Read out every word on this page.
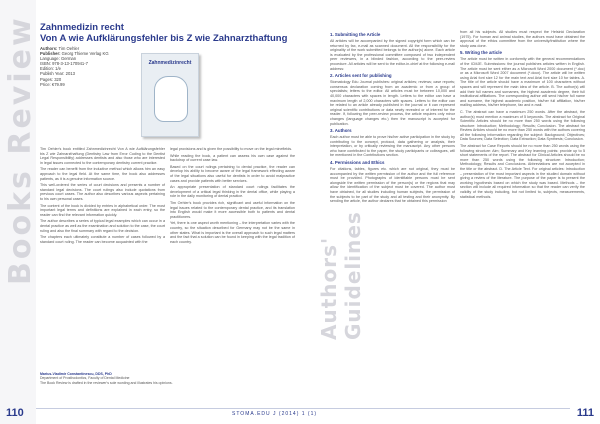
Books Review
Authors' Guidelines
Zahnmedizin recht
Von A wie Aufklärungsfehler bis Z wie Zahnarzthaftung
Authors: Tim Oehler
Publisher: Georg Thieme Verlag KG
Language: German
ISBN: 978-3-13-170941-7
Edition: 1/e
Publish Year: 2013
Pages: 320
Price: €79.99
Zahnmedizinrecht

Tim Oehler's book entitled Zahnmedizinrecht Von A wie Aufklärungsfehler bis Z wie Zahnarzthaftung (Dentistry Law from Error Coding to the Dentist Legal Responsibility) addresses dentists and also those who are interested in legal issues connected to the contemporary dentistry current practice.

The reader can benefit from the inductive method which allows him an easy approach to the legal field. At the same time, the book also addresses patients, as it is a genuine information source.

This well-ordered the series of court decisions and presents a number of standard legal decisions. The court rulings also include quotations from previous court cases. The author also describes various aspects pertaining to his own personal cases.

The content of the book is divided by entries in alphabetical order. The most important legal terms and definitions are explained in each entry, so the reader can find the relevant information quickly.

The author describes a series of typical legal examples which can occur in a dental practice as well as the examination and solution to the case, the court ruling and also the final summary with regard to the decision.

The chapters each ultimately constitute a number of cases followed by a standard court ruling. The reader can become acquainted with the

legal provisions and is given the possibility to move on the legal minefields.

While reading the book, a patient can assess his own case against the backdrop of current case law.

Based on the court rulings pertaining to dental practice, the reader can develop his ability to become aware of the legal framework effecting aware of the legal situations also useful for dentists in order to avoid malpractice cases and provide patients with better services.

An appropriate presentation of standard court rulings facilitates the development of a critical legal thinking in the dental office, while playing a role in the daily monitoring of dental practice.

Tim Oehler's book provides rich, significant and useful information on the legal issues related to the contemporary dental practice, and its translation into English would make it more accessible both to patients and dental practitioners.

Yet, there is one aspect worth mentioning – the interpretation varies with the country, so the situation described for Germany may not be the same in other states. What is important is the overall approach to such legal matters and the fact that a solution can be found in keeping with the legal tradition of each country.

Marius-Vladimir Constantinescu, DDS, PhD
Department of Prosthodontics, Faculty of Dental Medicine
The Book Review is drafted in the reviewer's sole wording and illustrates his opinions.
1. Submitting the Article

All articles will be accompanied by the signed copyright form which can be returned by fax, e-mail as scanned document. All the responsibility for the originality of the work submitted belongs to the author(s) alone. Each article is evaluated by the professional committee composed of two independent peer reviewers, in a blinded fashion, according to the peer-review procedure. All articles will be sent to the editor-in-chief at the following e-mail address:

2. Articles sent for publishing

Stomatology Edu Journal publishes: original articles; reviews; case reports; consensus declaration coming from an academic or from a group of specialists; letters to the editor. All articles must be between 10,000 and 40,000 characters with spaces in length. Letters to the editor can have a maximum length of 2,000 characters with spaces. Letters to the editor can be related to an article already published in the journal or it can represent original scientific contributions or data newly revealed or of interest for the reader. If, following the peer-review process, the article requires only minor changes (language changes etc.) then the manuscript is accepted for publication.

3. Authors

Each author must be able to prove his/her active participation in the study by contributing to the concept, protocol, data gathering or analysis, their interpretation, or by critically reviewing the manuscript. Any other persons who have contributed to the paper, the study participants or colleagues, will be mentioned in the Contributions section.

4. Permissions and Ethics

For citations, tables, figures etc. which are not original, they must be accompanied by the written permission of the author and the full reference must be provided. Photographs of identifiable persons must be sent alongside the written permission of the person(s) or the regions that may allow the identification of the subject must be covered. The author must have obtained, for all studies including human subjects, the permission of the subjects to be part of the study and all testing and their anonymity. By sending the article, the author declares that he obtained this permission

from all his subjects. All studies must respect the Helsinki Declaration (1975). For human and animal studies, the authors must have obtained the approval of the ethics committee from the university/institution where the study was done.

5. Writing the article

The article must be written in conformity with the general recommendations of the ICMJE. Submissions: the journal publishes articles written in English. The article must be sent either as a Microsoft Word 2000 document (*.doc) or as a Microsoft Word 2007 document (*.docx). The article will be written using Arial font size 12 for the main text and Arial font size 10 for tables. A. The title of the article should have a maximum of 100 characters without spaces and will represent the main idea of the article. B. The author(s) will add their full names and surnames, the highest academic degree, their full institutional affiliations. The corresponding author will send his/her full name and surname, the highest academic position, his/her full affiliation, his/her mailing address, his/her telephone, fax and e-mail.

C. The abstract can have a maximum 250 words. After the abstract, the author(s) must mention a maximum of 5 keywords. The abstract for Original Scientific Articles should be no more than 250 words using the following structure: Introduction; Methodology; Results; Conclusion. The abstract for Review Articles should be no more than 250 words with the authors covering all the following information regarding the subject: Background; Objectives; Data Sources; Data Selection; Data Extraction; Data Synthesis; Conclusion.

The abstract for Case Reports should be no more than 250 words using the following structure: Aim; Summary and Key learning points: provide up to 5 short statements of the report. The abstract for Clinical Articles should be no more than 250 words using the following structure: Introduction; Methodology; Results and Conclusions. Abbreviations are not accepted in the title or the abstract. D. The Article Text. For original articles: Introduction – presentation of the most important aspects in the studied domain without giving a review of the literature. The purpose of the paper is to present the working hypothesis based on which the study was based. Methods – the section will include all required information so that the reader can verify the validity of the study including, but not limited to, subjects, measurements, statistical methods.

110	STOMA.EDU J (2014) 1 (1)	111
